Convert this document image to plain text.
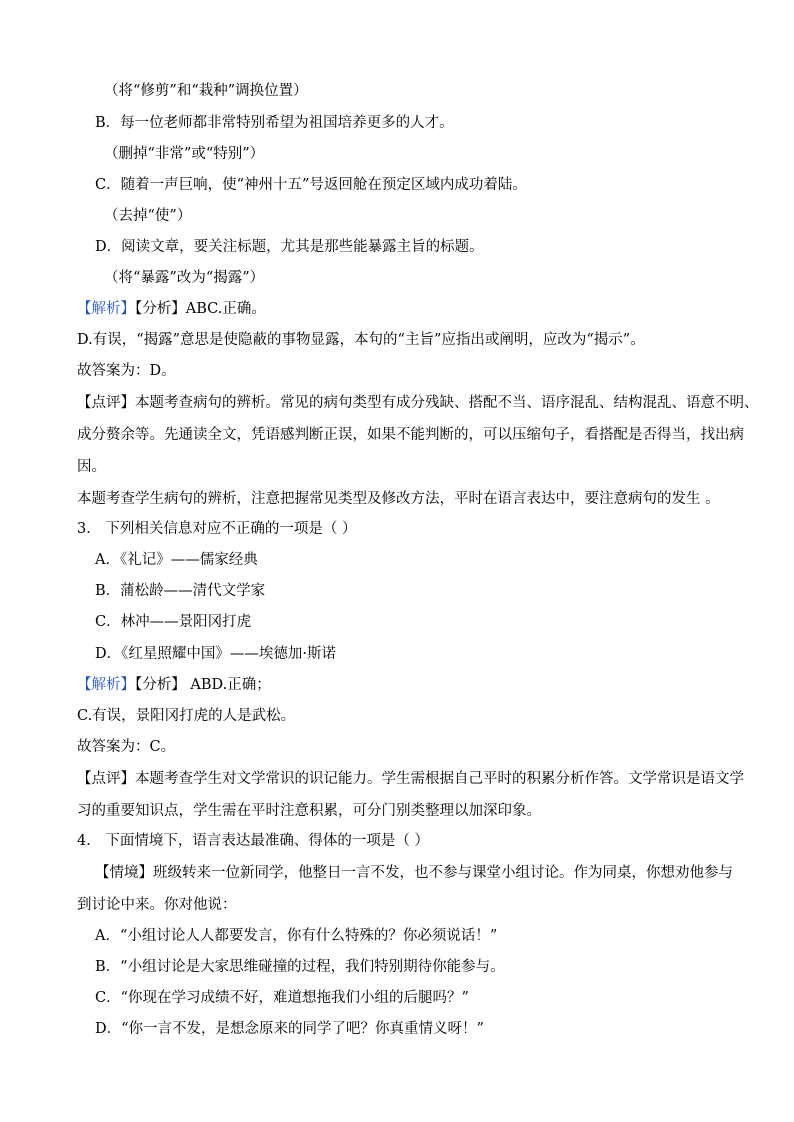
（将“修剪”和“栽种”调换位置）
B．每一位老师都非常特别希望为祖国培养更多的人才。
（删掉“非常”或“特别”）
C．随着一声巨响，使“神州十五”号返回舱在预定区域内成功着陆。
（去掉“使”）
D．阅读文章，要关注标题，尤其是那些能暴露主旨的标题。
（将“暴露”改为“揭露”）
【解析】【分析】ABC.正确。
D.有误，“揭露”意思是使隐蔽的事物显露，本句的“主旨”应指出或阐明，应改为“揭示”。
故答案为：D。
【点评】本题考查病句的辨析。常见的病句类型有成分残缺、搭配不当、语序混乱、结构混乱、语意不明、
成分赘余等。先通读全文，凭语感判断正误，如果不能判断的，可以压缩句子，看搭配是否得当，找出病
因。
本题考查学生病句的辨析，注意把握常见类型及修改方法，平时在语言表达中，要注意病句的发生 。
3． 下列相关信息对应不正确的一项是（ ）
A．《礼记》——儒家经典
B．蒲松龄——清代文学家
C．林冲——景阳冈打虎
D．《红星照耀中国》——埃德加·斯诺
【解析】【分析】 ABD.正确；
C.有误，景阳冈打虎的人是武松。
故答案为：C。
【点评】本题考查学生对文学常识的识记能力。学生需根据自己平时的积累分析作答。文学常识是语文学
习的重要知识点，学生需在平时注意积累，可分门别类整理以加深印象。
4． 下面情境下，语言表达最准确、得体的一项是（ ）
【情境】班级转来一位新同学，他整日一言不发，也不参与课堂小组讨论。作为同桌，你想劝他参与
到讨论中来。你对他说：
A．“小组讨论人人都要发言，你有什么特殊的？你必须说话！”
B．“小组讨论是大家思维碰撞的过程，我们特别期待你能参与。
C．“你现在学习成绩不好，难道想拖我们小组的后腿吗？”
D．“你一言不发，是想念原来的同学了吧？你真重情义呀！”
